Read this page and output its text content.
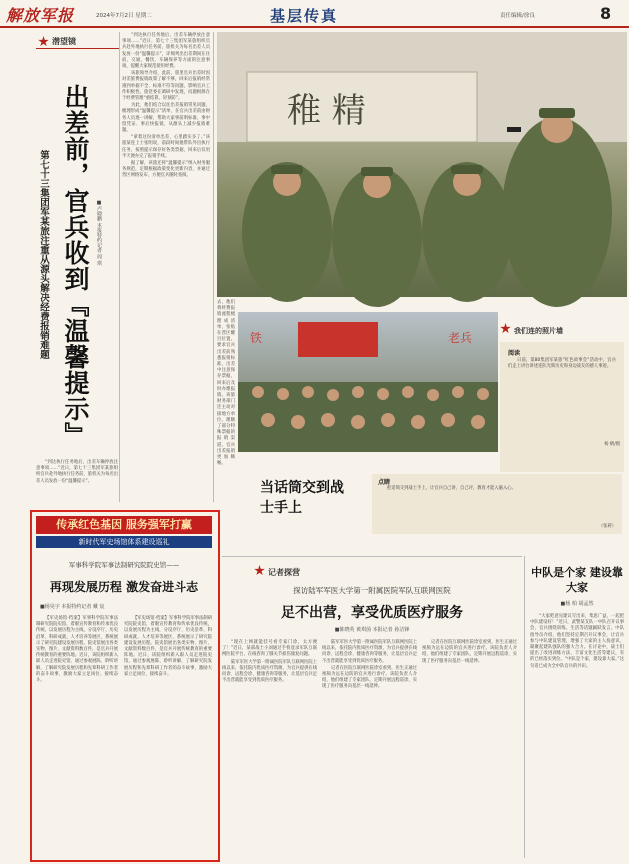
解放军报	2024年7月2日 星期二	基层传真	责任编辑/徐良	8
潜望镜
出差前，官兵收到『温馨提示』
第七十三集团军某旅注重从源头解决经费报销难题	■卢晓鹏 本报特约记者 周 琪

“到达执行任务地后，出差车辆停放注意事项……”近日，第七十三集团军某旅组织官兵赴外地执行任务前，旅机关为每名出差人员发放一份“温馨提示”。

“到达执行任务地后，出差车辆停放注意事项……”近日，第七十三集团军某旅组织官兵赴外地执行任务前，旅机关为每名出差人员发放一份“温馨提示”，详细列出出差期间在住宿、交通、餐饮、车辆保养等方面的注意事项，提醒大家规范使用经费。

该旅领导介绍，此前，旅里官兵出差时因对差旅费报销政策了解不够，回来后报销经常遇到单据不全、标准不符等问题，影响官兵工作积极性。旅党委在调研中发现，问题根源在于经费管理“重结算、轻预防”。

为此，他们结合以往出差报销常见问题，梳理形成“温馨提示”清单，在官兵出差前由财务人员逐一讲解，帮助大家事前明标准、事中留凭证、事后快报销，从源头上减少报销难题。

“拿着这份清单出差，心里踏实多了。”该旅某连上士张明说，前段时间他带队外出执行任务，按照提示保存好各类票据，回来后仅用半天便办完了报销手续。

据了解，该旅还将“温馨提示”纳入财务服务规范，定期根据政策变化更新内容，并通过营区网络发布，方便官兵随时查阅。

稚 精
铁	老兵	我们连的照片墙
阅读

日前，第80集团军某旅“红色故事会”活动中，官兵们走上讲台讲述连队光辉历史和身边战友的感人事迹。

杨 帆/摄
当话筒交到战士手上
点睛

把话筒交到战士手上，让官兵自己讲、自己评，教育才能入脑入心。

（张莉）
传承红色基因 服务强军打赢
新时代军史场馆体系建设巡礼
军事科学院军事法制研究院院史馆——
再现发展历程 激发奋进斗志
■杨昊宇 本报特约记者 戴 宸

【军史场馆·档案】军事科学院军事法制研究院院史馆，着眼宣传教育和传承优良传统，以发展历程为主线，分设序厅、历史沿革、科研成就、人才培养等展区，系统展示了研究院建设发展历程。院史馆展出各类实物、图片、文献资料数百件，是官兵开展传统教育的重要阵地。近日，该院组织新入职人员走进院史馆，通过参观展陈、聆听讲解，了解研究院发展历程和先辈科研工作者的奋斗故事，激励大家立足岗位、接续奋斗。

【军史场馆·档案】军事科学院军事法制研究院院史馆，着眼宣传教育和传承优良传统，以发展历程为主线，分设序厅、历史沿革、科研成就、人才培养等展区，系统展示了研究院建设发展历程。院史馆展出各类实物、图片、文献资料数百件，是官兵开展传统教育的重要阵地。近日，该院组织新入职人员走进院史馆，通过参观展陈、聆听讲解，了解研究院发展历程和先辈科研工作者的奋斗故事，激励大家立足岗位、接续奋斗。

记者探营
探访陆军军医大学第一附属医院军队互联网医院
足不出营，享受优质医疗服务
■陈晓英 黄琪茵 本报记者 孙洁锋

“现在上网就能挂号看专家门诊，太方便了！”近日，某部战士小刘通过手机登录军队互联网医院平台，在线咨询了膝关节损伤康复问题。

陆军军医大学第一附属医院军队互联网医院上线以来，依托院内优质医疗资源，为官兵提供在线问诊、远程会诊、健康咨询等服务，让基层官兵足不出营就能享受到优质医疗服务。

陆军军医大学第一附属医院军队互联网医院上线以来，依托院内优质医疗资源，为官兵提供在线问诊、远程会诊、健康咨询等服务，让基层官兵足不出营就能享受到优质医疗服务。

记者在医院互联网医院诊室看到，医生正通过视频为远在边防的官兵进行诊疗。该院负责人介绍，他们组建了专家团队，定期开展远程巡诊，实现了医疗服务向基层一线延伸。

记者在医院互联网医院诊室看到，医生正通过视频为远在边防的官兵进行诊疗。该院负责人介绍，他们组建了专家团队，定期开展远程巡诊，实现了医疗服务向基层一线延伸。

中队是个家 建设靠大家
■杨 柏 胡孟然

“大家把意见建议写出来，集思广益，一起把中队建设好！”近日，武警某支队一中队召开议事会，官兵围绕训练、生活等话题踊跃发言。中队指导员介绍，他们坚持定期召开议事会，让官兵参与中队建设管理，增强了大家的主人翁意识，凝聚起建队强队的强大合力。在讨论中，战士们提出了改进训练方法、丰富文化生活等建议，有的已经落实到位。“中队是个家，建设靠大家。”这句话已成为全中队官兵的共识。

去，他们将经费报销流程梳理成清单，张贴在营区醒目位置，要求官兵出差前熟悉报销标准，出差中注意保存票据，回来后及时办理报销。该旅财务部门还主动对接地方单位，理顺了部分特殊票据的报销渠道，官兵出差报销更加顺畅。
